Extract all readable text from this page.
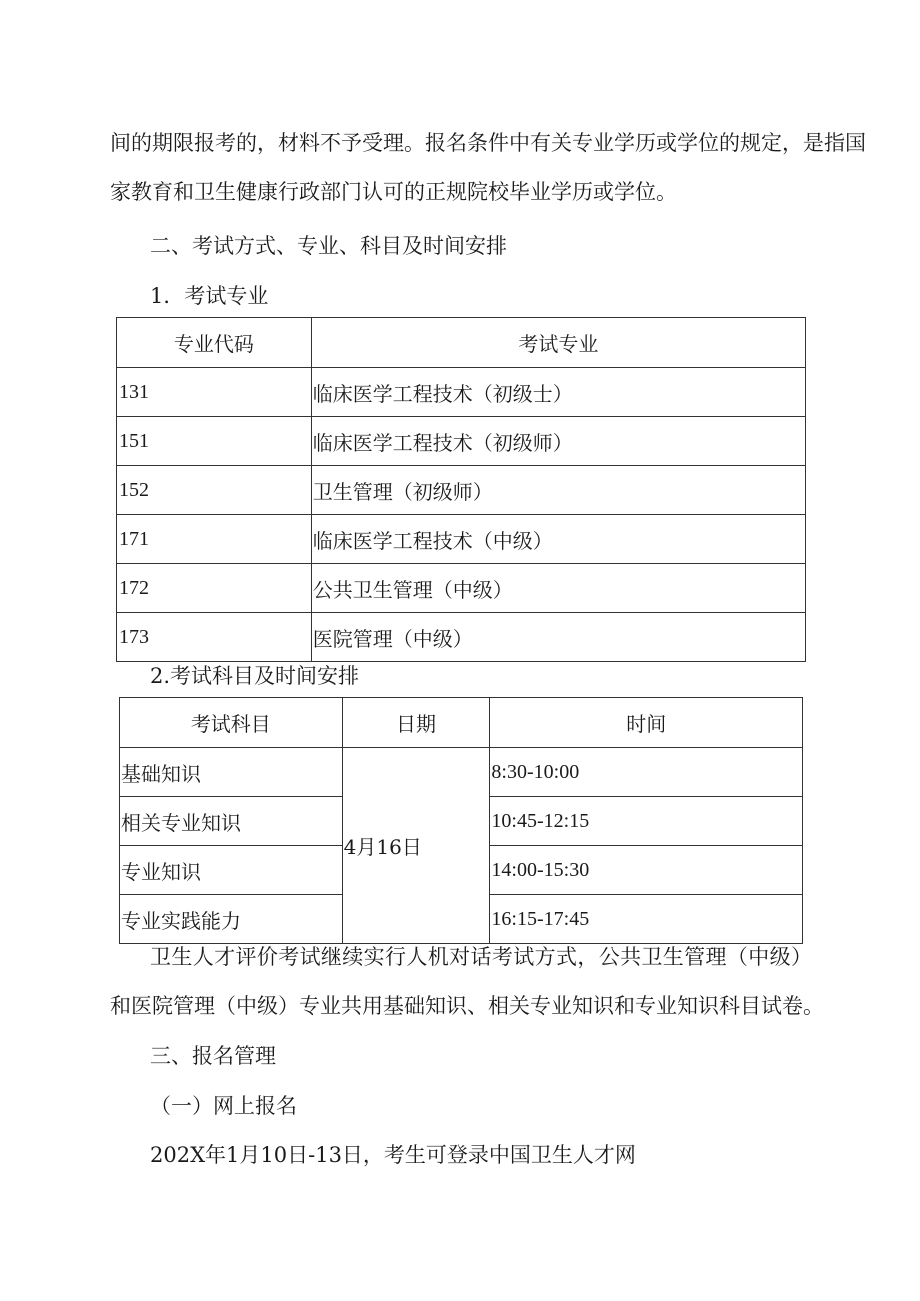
间的期限报考的，材料不予受理。报名条件中有关专业学历或学位的规定，是指国
家教育和卫生健康行政部门认可的正规院校毕业学历或学位。
二、考试方式、专业、科目及时间安排
1．考试专业
专业代码	考试专业
131	临床医学工程技术（初级士）
151	临床医学工程技术（初级师）
152	卫生管理（初级师）
171	临床医学工程技术（中级）
172	公共卫生管理（中级）
173	医院管理（中级）
2.考试科目及时间安排
考试科目	日期	时间
基础知识	4月16日	8:30-10:00
相关专业知识		10:45-12:15
专业知识		14:00-15:30
专业实践能力		16:15-17:45
卫生人才评价考试继续实行人机对话考试方式，公共卫生管理（中级）
和医院管理（中级）专业共用基础知识、相关专业知识和专业知识科目试卷。
三、报名管理
（一）网上报名
202X年1月10日-13日，考生可登录中国卫生人才网
